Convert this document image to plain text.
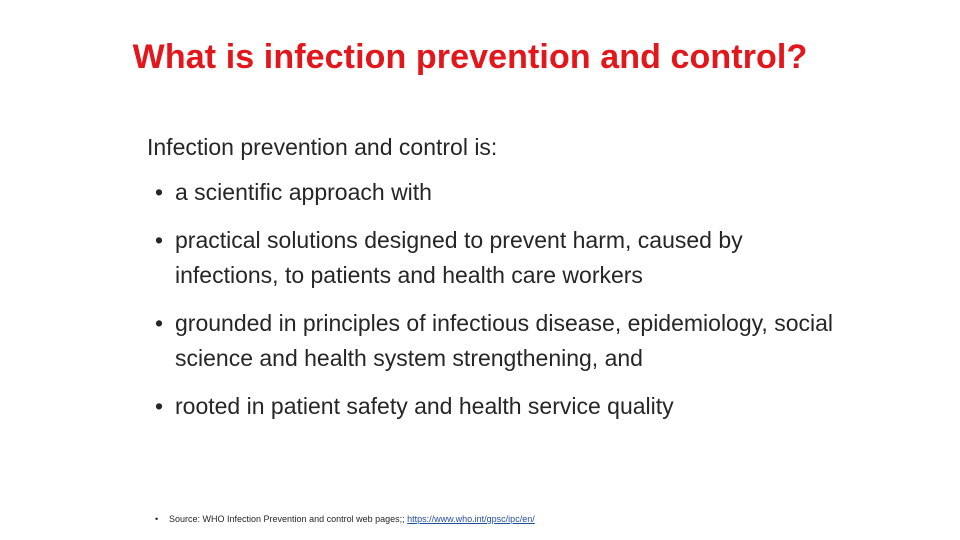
What is infection prevention and control?
Infection prevention and control is:
• a scientific approach with
• practical solutions designed to prevent harm, caused by infections, to patients and health care workers
• grounded in principles of infectious disease, epidemiology, social science and health system strengthening, and
• rooted in patient safety and health service quality
• Source: WHO Infection Prevention and control web pages;; https://www.who.int/gpsc/ipc/en/
